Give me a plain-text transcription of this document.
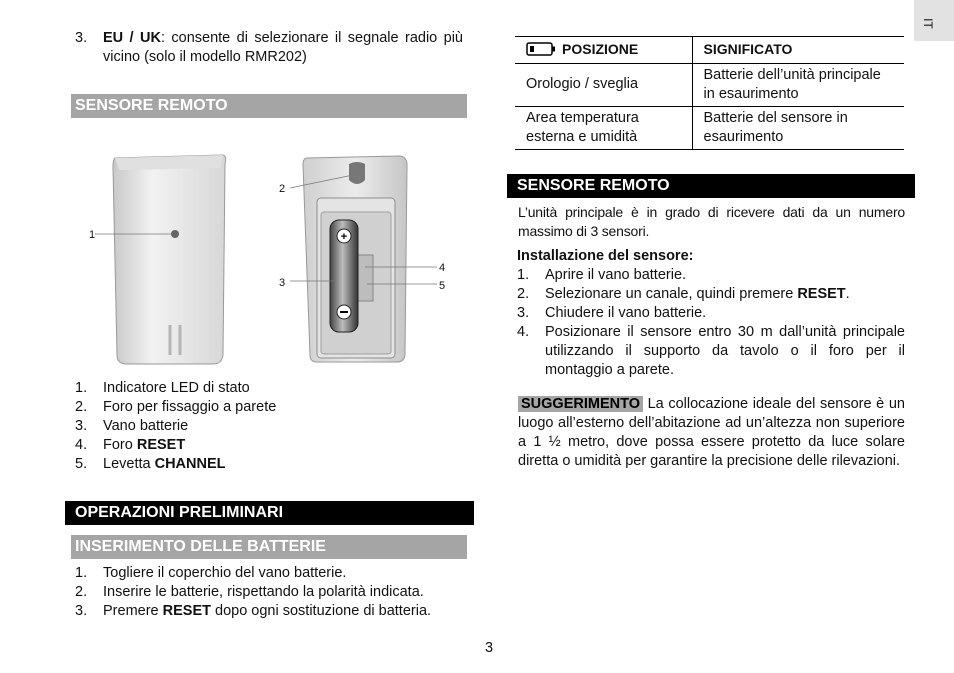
IT
3.	EU / UK: consente di selezionare il segnale radio più vicino (solo il modello RMR202)
SENSORE REMOTO
+
1
2
3
4
5
1.	Indicatore LED di stato
2.	Foro per fissaggio a parete
3.	Vano batterie
4.	Foro RESET
5.	Levetta CHANNEL
OPERAZIONI PRELIMINARI
INSERIMENTO DELLE BATTERIE
1.	Togliere il coperchio del vano batterie.
2.	Inserire le batterie, rispettando la polarità indicata.
3.	Premere RESET dopo ogni sostituzione di batteria.
POSIZIONE	SIGNIFICATO
Orologio / sveglia	Batterie dell’unità principale in esaurimento
Area temperatura esterna e umidità	Batterie del sensore in esaurimento
SENSORE REMOTO
L’unità principale è in grado di ricevere dati da un numero massimo di 3 sensori.
Installazione del sensore:
1.	Aprire il vano batterie.
2.	Selezionare un canale, quindi premere RESET.
3.	Chiudere il vano batterie.
4.	Posizionare il sensore entro 30 m dall’unità principale utilizzando il supporto da tavolo o il foro per il montaggio a parete.
SUGGERIMENTO La collocazione ideale del sensore è un luogo all’esterno dell’abitazione ad un’altezza non superiore a 1 ½ metro, dove possa essere protetto da luce solare diretta o umidità per garantire la precisione delle rilevazioni.
3
